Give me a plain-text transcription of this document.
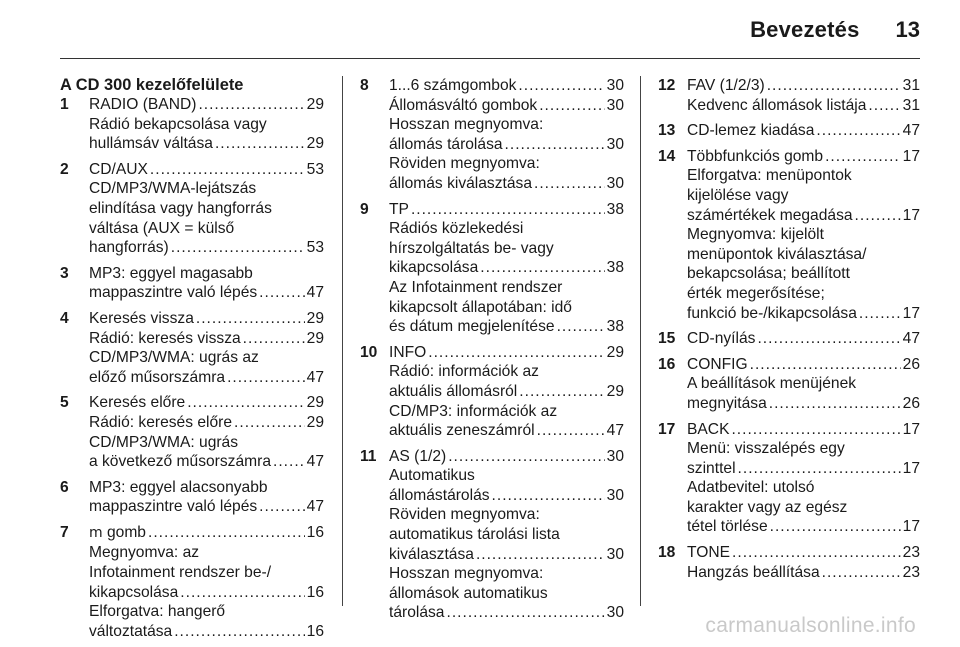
Bevezetés 13
A CD 300 kezelőfelülete
1 RADIO (BAND) .....	29
Rádió bekapcsolása vagy
hullámsáv váltása .....	29
2 CD/AUX .....	53
CD/MP3/WMA-lejátszás
elindítása vagy hangforrás
váltása (AUX = külső
hangforrás) .....	53
3 MP3: eggyel magasabb
mappaszintre való lépés .....	47
4 Keresés vissza .....	29
Rádió: keresés vissza .....	29
CD/MP3/WMA: ugrás az
előző műsorszámra .....	47
5 Keresés előre .....	29
Rádió: keresés előre .....	29
CD/MP3/WMA: ugrás
a következő műsorszámra ..... 47
6 MP3: eggyel alacsonyabb
mappaszintre való lépés .....	47
7 m gomb .....	16
Megnyomva: az
Infotainment rendszer be-/
kikapcsolása .....	16
Elforgatva: hangerő
változtatása .....	16
8 1...6 számgombok .....	30
Állomásváltó gombok .....	30
Hosszan megnyomva:
állomás tárolása .....	30
Röviden megnyomva:
állomás kiválasztása .....	30
9 TP .....	38
Rádiós közlekedési
hírszolgáltatás be- vagy
kikapcsolása .....	38
Az Infotainment rendszer
kikapcsolt állapotában: idő
és dátum megjelenítése .....	38
10 INFO .....	29
Rádió: információk az
aktuális állomásról .....	29
CD/MP3: információk az
aktuális zeneszámról .....	47
11 AS (1/2) .....	30
Automatikus
állomástárolás .....	30
Röviden megnyomva:
automatikus tárolási lista
kiválasztása .....	30
Hosszan megnyomva:
állomások automatikus
tárolása .....	30
12 FAV (1/2/3) .....	31
Kedvenc állomások listája ..... 31
13 CD-lemez kiadása .....	47
14 Többfunkciós gomb .....	17
Elforgatva: menüpontok
kijelölése vagy
számértékek megadása .....	17
Megnyomva: kijelölt
menüpontok kiválasztása/
bekapcsolása; beállított
érték megerősítése;
funkció be-/kikapcsolása .....	17
15 CD-nyílás .....	47
16 CONFIG .....	26
A beállítások menüjének
megnyitása .....	26
17 BACK .....	17
Menü: visszalépés egy
szinttel .....	17
Adatbevitel: utolsó
karakter vagy az egész
tétel törlése .....	17
18 TONE .....	23
Hangzás beállítása .....	23
carmanualsonline.info
